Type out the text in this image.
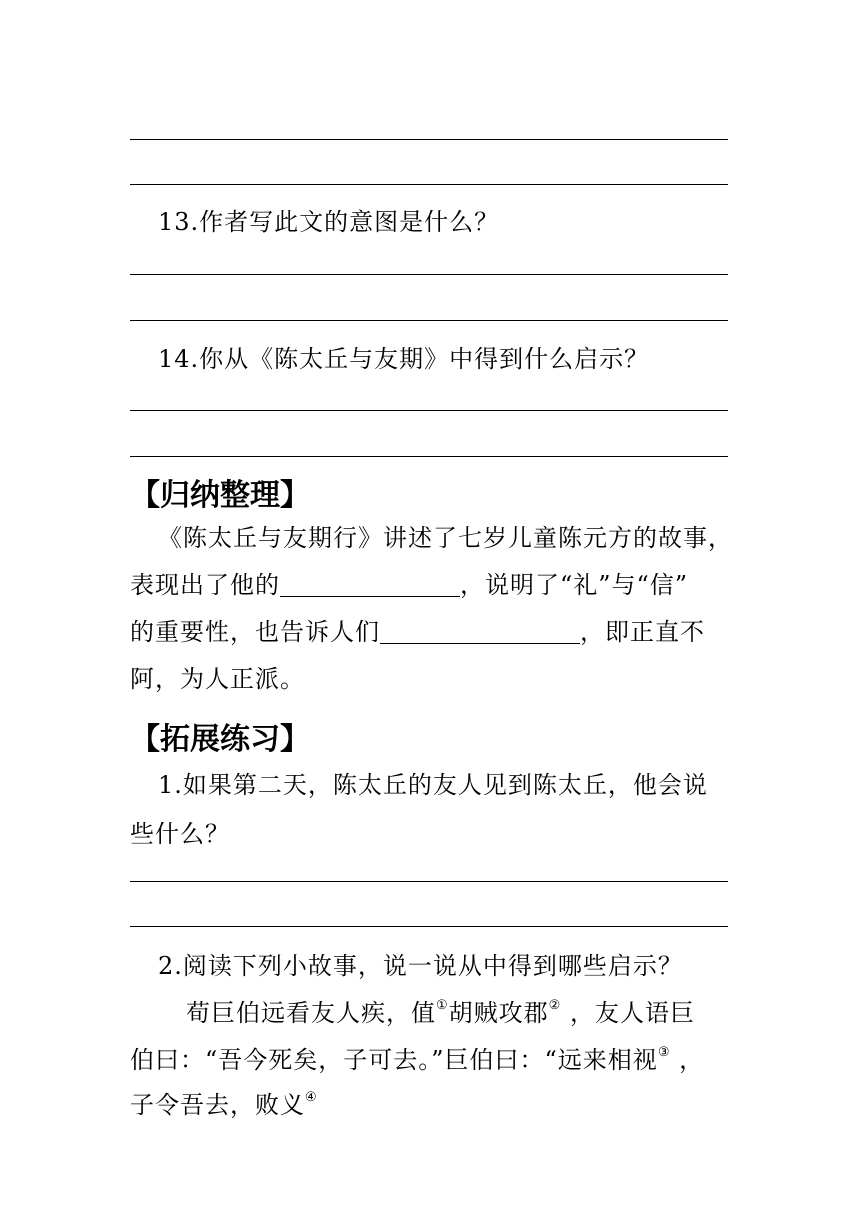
13.作者写此文的意图是什么？
14.你从《陈太丘与友期》中得到什么启示？
【归纳整理】
《陈太丘与友期行》讲述了七岁儿童陈元方的故事，
表现出了他的	，说明了“礼”与“信”
的重要性，也告诉人们	，即正直不
阿，为人正派。
【拓展练习】
1.如果第二天，陈太丘的友人见到陈太丘，他会说
些什么？
2.阅读下列小故事，说一说从中得到哪些启示？
荀巨伯远看友人疾，值①胡贼攻郡② ，友人语巨
伯曰：“吾今死矣，子可去。”巨伯曰：“远来相视③ ，
子令吾去，败义④
